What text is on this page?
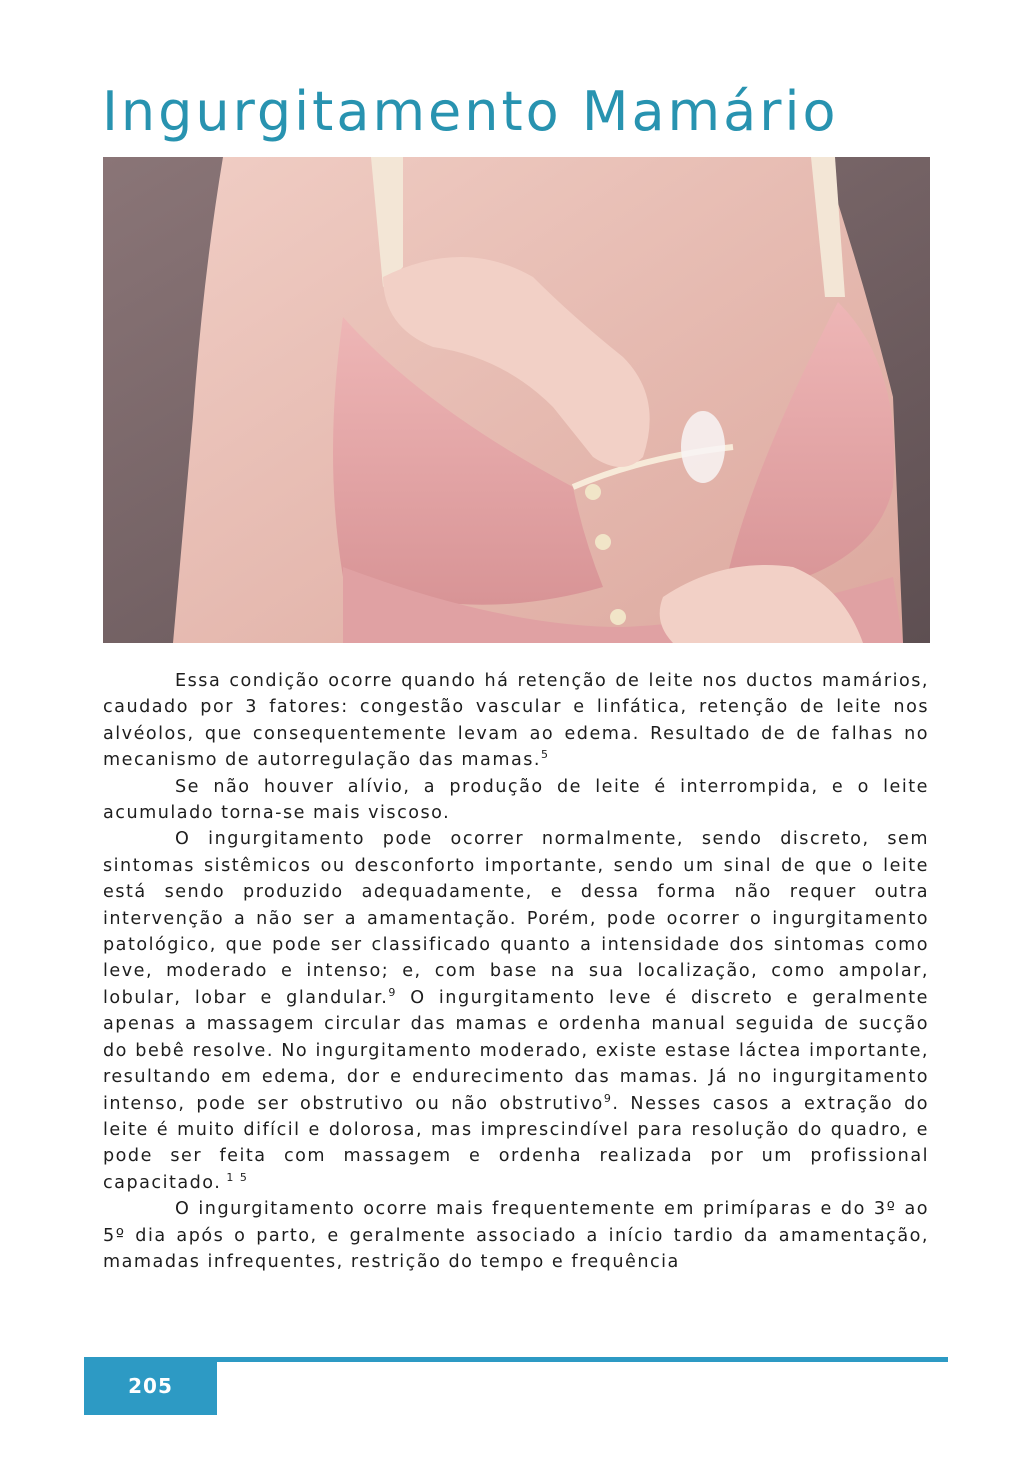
Ingurgitamento Mamário

Essa condição ocorre quando há retenção de leite nos ductos mamários, caudado por 3 fatores: congestão vascular e linfática, retenção de leite nos alvéolos, que consequentemente levam ao edema. Resultado de de falhas no mecanismo de autorregulação das mamas.$^5$

Se não houver alívio, a produção de leite é interrompida, e o leite acumulado torna-se mais viscoso.

O ingurgitamento pode ocorrer normalmente, sendo discreto, sem sintomas sistêmicos ou desconforto importante, sendo um sinal de que o leite está sendo produzido adequadamente, e dessa forma não requer outra intervenção a não ser a amamentação. Porém, pode ocorrer o ingurgitamento patológico, que pode ser classificado quanto a intensidade dos sintomas como leve, moderado e intenso; e, com base na sua localização, como ampolar, lobular, lobar e glandular.$^9$ O ingurgitamento leve é discreto e geralmente apenas a massagem circular das mamas e ordenha manual seguida de sucção do bebê resolve. No ingurgitamento moderado, existe estase láctea importante, resultando em edema, dor e endurecimento das mamas. Já no ingurgitamento intenso, pode ser obstrutivo ou não obstrutivo$^9$. Nesses casos a extração do leite é muito difícil e dolorosa, mas imprescindível para resolução do quadro, e pode ser feita com massagem e ordenha realizada por um profissional capacitado. $^{1 5}$

O ingurgitamento ocorre mais frequentemente em primíparas e do 3º ao 5º dia após o parto, e geralmente associado a início tardio da amamentação, mamadas infrequentes, restrição do tempo e frequência

205
